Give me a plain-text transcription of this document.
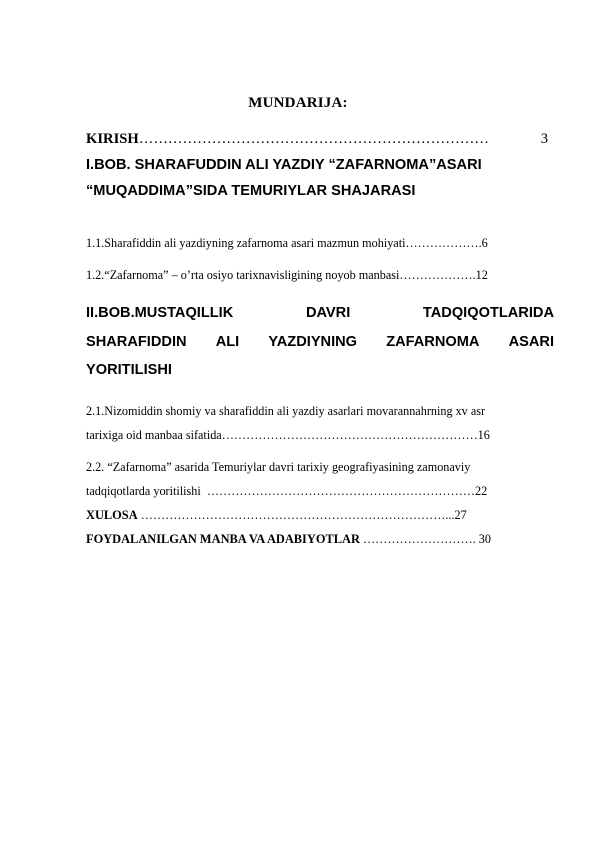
MUNDARIJA:
KIRISH………………………………………………………………	3
I.BOB. SHARAFUDDIN ALI YAZDIY “ZAFARNOMA”ASARI
“MUQADDIMA”SIDA TEMURIYLAR SHAJARASI
1.1.Sharafiddin ali yazdiyning zafarnoma asari mazmun mohiyati……………….6
1.2.“Zafarnoma” – o’rta osiyo tarixnavisligining noyob manbasi……………….12
II.BOB.MUSTAQILLIK	DAVRI	TADQIQOTLARIDA
SHARAFIDDIN ALI YAZDIYNING ZAFARNOMA ASARI
YORITILISHI
2.1.Nizomiddin shomiy va sharafiddin ali yazdiy asarlari movarannahrning xv asr
tarixiga oid manbaa sifatida………………………………………………………16
2.2. “Zafarnoma” asarida Temuriylar davri tarixiy geografiyasining zamonaviy
tadqiqotlarda yoritilishi …………………………………………………………22
XULOSA …………………………………………………………………...27
FOYDALANILGAN MANBA VA ADABIYOTLAR ………………………. 30
